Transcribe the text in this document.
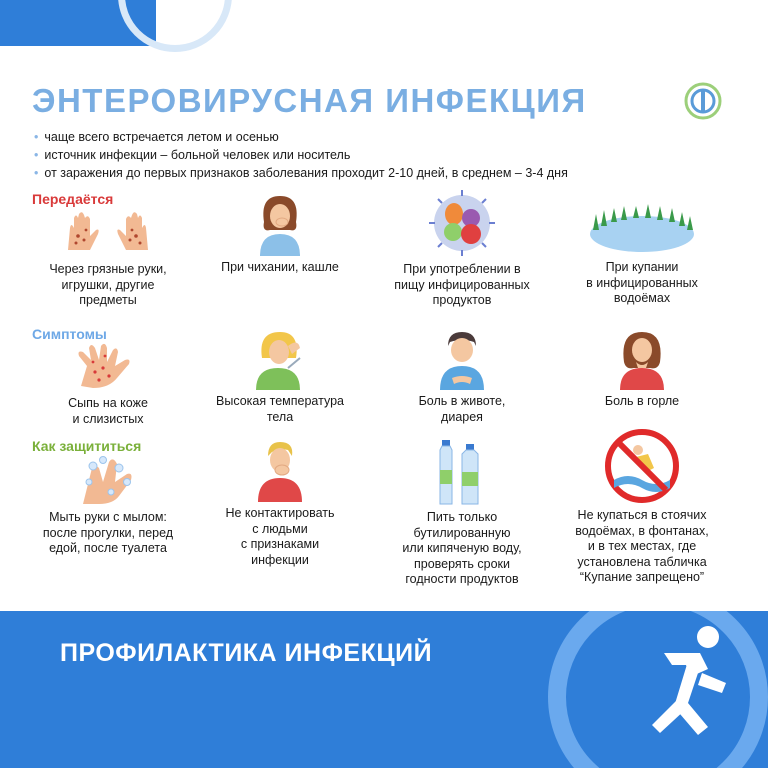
ЭНТЕРОВИРУСНАЯ ИНФЕКЦИЯ
• чаще всего встречается летом и осенью
• источник инфекции – больной человек или носитель
• от заражения до первых признаков заболевания проходит 2-10 дней, в среднем – 3-4 дня
Передаётся
Через грязные руки,
игрушки, другие
предметы
При чихании, кашле	При употреблении в
пищу инфицированных
продуктов
При купании
в инфицированных
водоёмах
Симптомы
Сыпь на коже
и слизистых
Высокая температура
тела
Боль в животе,
диарея
Боль в горле
Как защититься
Мыть руки с мылом:
после прогулки, перед
едой, после туалета
Не контактировать
с людьми
с признаками
инфекции
Пить только
бутилированную
или кипяченую воду,
проверять сроки
годности продуктов
Не купаться в стоячих
водоёмах, в фонтанах,
и в тех местах, где
установлена табличка
“Купание запрещено”
ПРОФИЛАКТИКА ИНФЕКЦИЙ
